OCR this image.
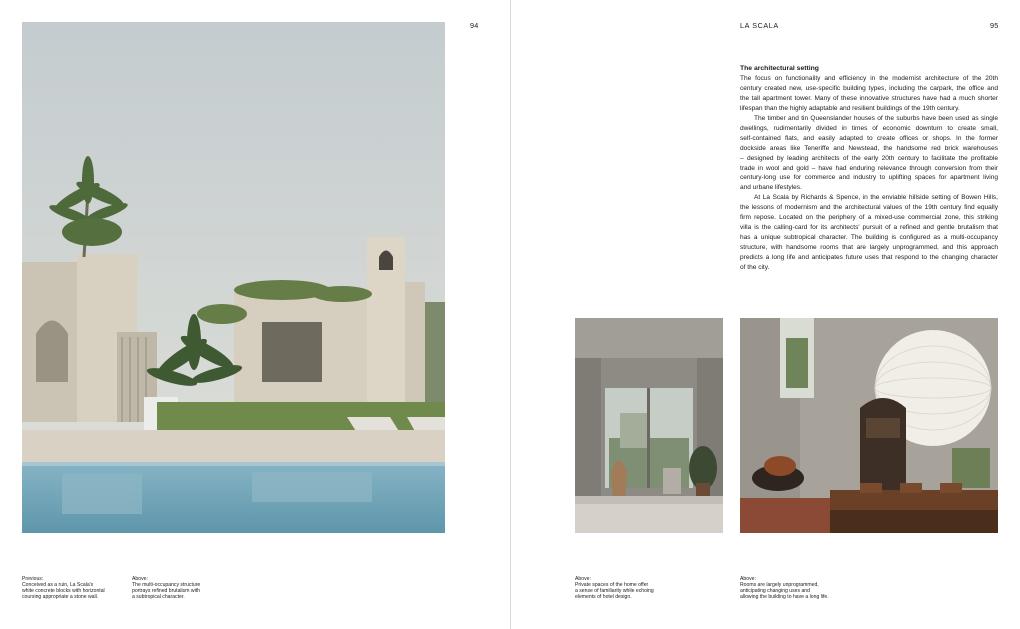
94
Previous:
Conceived as a ruin, La Scala's
white concrete blocks with horizontal
coursing appropriate a stone wall.
Above:
The multi-occupancy structure
portrays refined brutalism with
a subtropical character.
LA SCALA	95
The architectural setting

The focus on functionality and efficiency in the modernist architecture of the 20th
century created new, use-specific building types, including the carpark, the office and
the tall apartment tower. Many of these innovative structures have had a much shorter
lifespan than the highly adaptable and resilient buildings of the 19th century.

The timber and tin Queenslander houses of the suburbs have been used as single
dwellings, rudimentarily divided in times of economic downturn to create small,
self-contained flats, and easily adapted to create offices or shops. In the former
dockside areas like Teneriffe and Newstead, the handsome red brick warehouses
– designed by leading architects of the early 20th century to facilitate the profitable
trade in wool and gold – have had enduring relevance through conversion from their
century-long use for commerce and industry to uplifting spaces for apartment living
and urbane lifestyles.

At La Scala by Richards & Spence, in the enviable hillside setting of Bowen Hills,
the lessons of modernism and the architectural values of the 19th century find equally
firm repose. Located on the periphery of a mixed-use commercial zone, this striking
villa is the calling-card for its architects' pursuit of a refined and gentle brutalism that
has a unique subtropical character. The building is configured as a multi-occupancy
structure, with handsome rooms that are largely unprogrammed, and this approach
predicts a long life and anticipates future uses that respond to the changing character
of the city.

Above:
Private spaces of the home offer
a sense of familiarity while echoing
elements of hotel design.
Above:
Rooms are largely unprogrammed,
anticipating changing uses and
allowing the building to have a long life.
